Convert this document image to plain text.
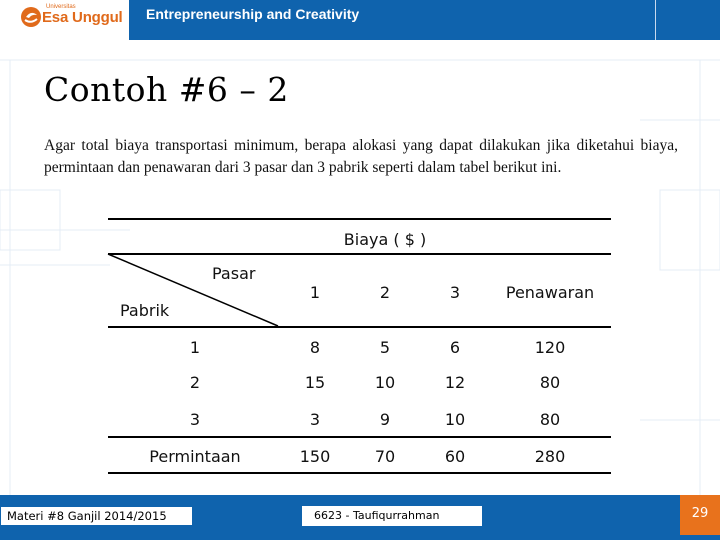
Universitas
Esa Unggul Entrepreneurship and Creativity
Contoh #6 – 2
Agar total biaya transportasi minimum, berapa alokasi yang dapat dilakukan jika diketahui biaya, permintaan dan penawaran dari 3 pasar dan 3 pabrik seperti dalam tabel berikut ini.
Biaya ( $ )
Pasar
Pabrik
1	2	3	Penawaran
1	8	5	6	120
2	15	10	12	80
3	3	9	10	80
Permintaan	150	70	60	280
Materi #8 Ganjil 2014/2015	6623 - Taufiqurrahman	29
